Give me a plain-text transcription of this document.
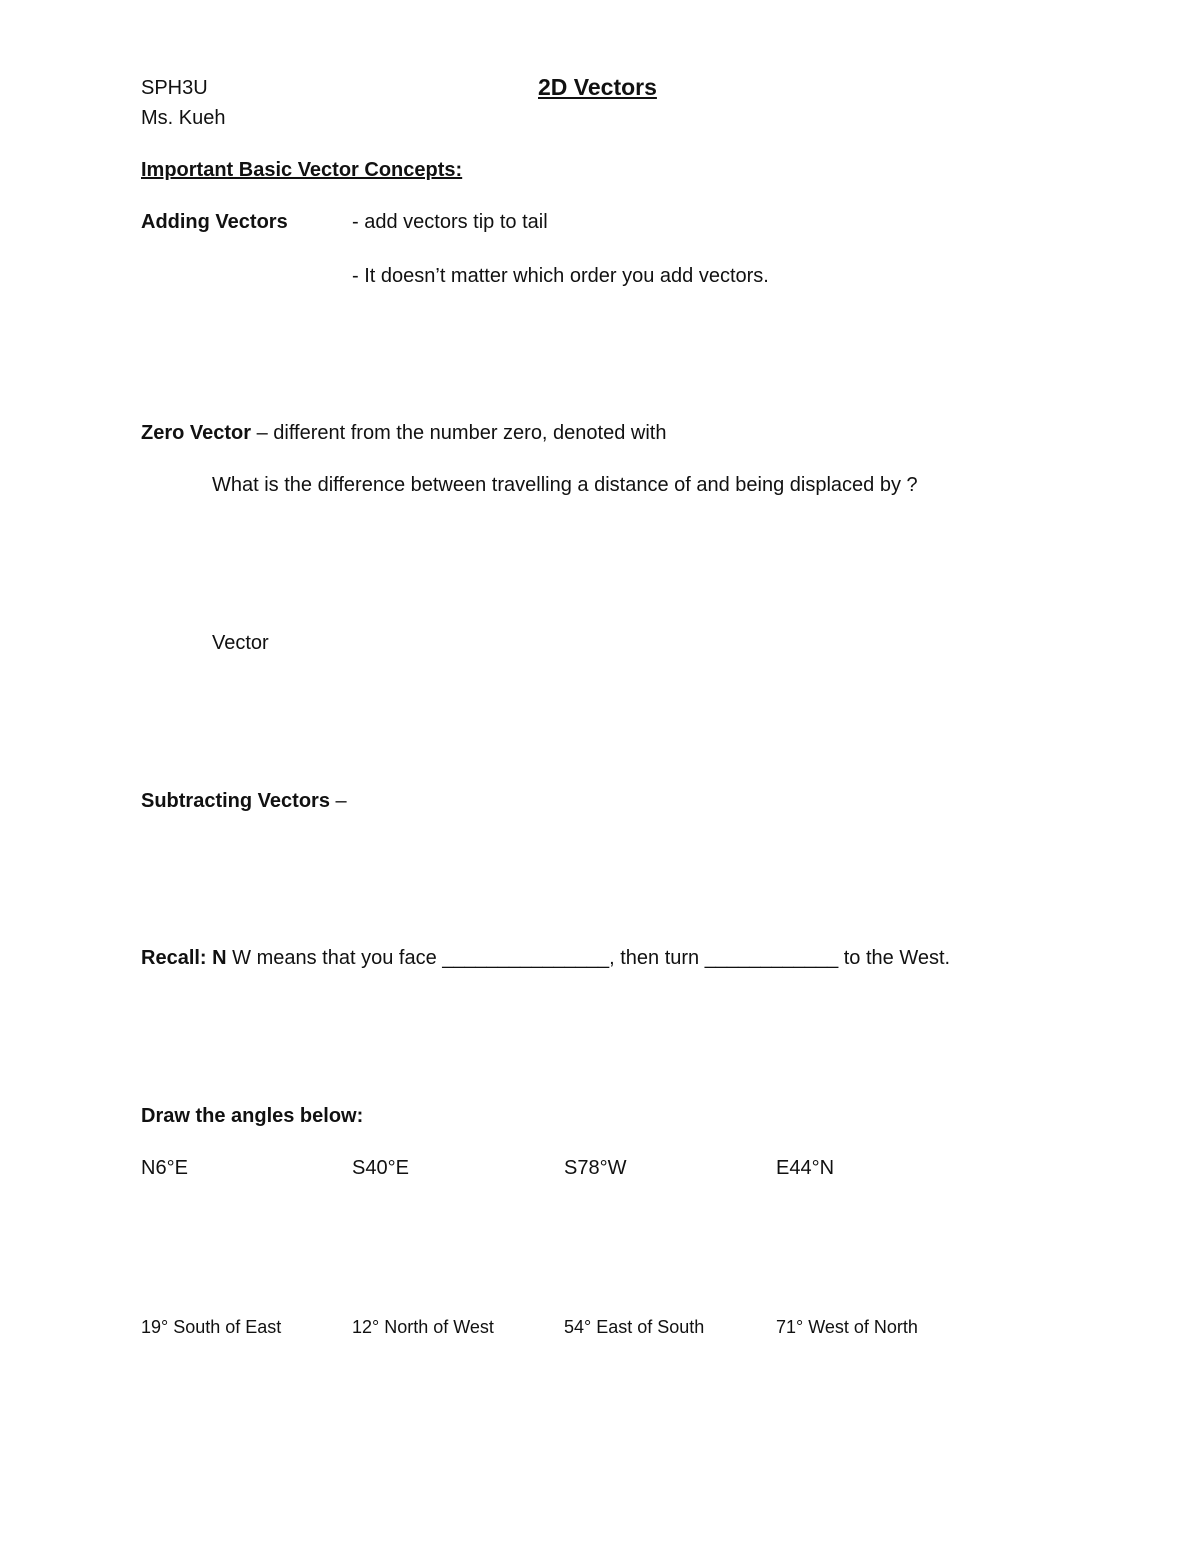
SPH3U	2D Vectors
Ms. Kueh
Important Basic Vector Concepts:
Adding Vectors	- add vectors tip to tail
- It doesn’t matter which order you add vectors.
Zero Vector – different from the number zero, denoted with
What is the difference between travelling a distance of and being displaced by ?
Vector
Subtracting Vectors –
Recall: N W means that you face _______________, then turn ____________ to the West.
Draw the angles below:
N6°E	S40°E	S78°W	E44°N
19° South of East	12° North of West	54° East of South	71° West of North
